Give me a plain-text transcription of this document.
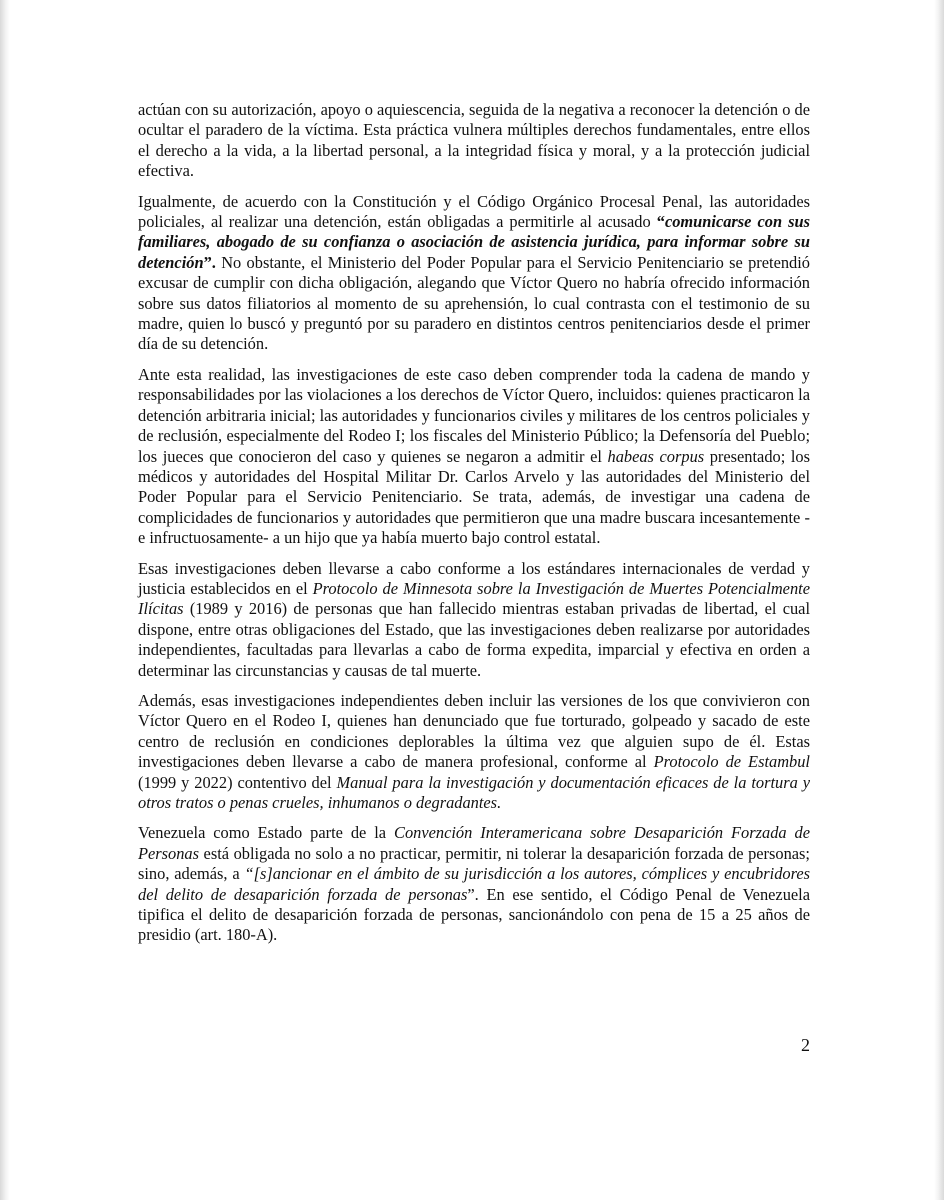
actúan con su autorización, apoyo o aquiescencia, seguida de la negativa a reconocer la detención o de ocultar el paradero de la víctima. Esta práctica vulnera múltiples derechos fundamentales, entre ellos el derecho a la vida, a la libertad personal, a la integridad física y moral, y a la protección judicial efectiva.

Igualmente, de acuerdo con la Constitución y el Código Orgánico Procesal Penal, las autoridades policiales, al realizar una detención, están obligadas a permitirle al acusado “comunicarse con sus familiares, abogado de su confianza o asociación de asistencia jurídica, para informar sobre su detención”. No obstante, el Ministerio del Poder Popular para el Servicio Penitenciario se pretendió excusar de cumplir con dicha obligación, alegando que Víctor Quero no habría ofrecido información sobre sus datos filiatorios al momento de su aprehensión, lo cual contrasta con el testimonio de su madre, quien lo buscó y preguntó por su paradero en distintos centros penitenciarios desde el primer día de su detención.

Ante esta realidad, las investigaciones de este caso deben comprender toda la cadena de mando y responsabilidades por las violaciones a los derechos de Víctor Quero, incluidos: quienes practicaron la detención arbitraria inicial; las autoridades y funcionarios civiles y militares de los centros policiales y de reclusión, especialmente del Rodeo I; los fiscales del Ministerio Público; la Defensoría del Pueblo; los jueces que conocieron del caso y quienes se negaron a admitir el habeas corpus presentado; los médicos y autoridades del Hospital Militar Dr. Carlos Arvelo y las autoridades del Ministerio del Poder Popular para el Servicio Penitenciario. Se trata, además, de investigar una cadena de complicidades de funcionarios y autoridades que permitieron que una madre buscara incesantemente -e infructuosamente- a un hijo que ya había muerto bajo control estatal.

Esas investigaciones deben llevarse a cabo conforme a los estándares internacionales de verdad y justicia establecidos en el Protocolo de Minnesota sobre la Investigación de Muertes Potencialmente Ilícitas (1989 y 2016) de personas que han fallecido mientras estaban privadas de libertad, el cual dispone, entre otras obligaciones del Estado, que las investigaciones deben realizarse por autoridades independientes, facultadas para llevarlas a cabo de forma expedita, imparcial y efectiva en orden a determinar las circunstancias y causas de tal muerte.

Además, esas investigaciones independientes deben incluir las versiones de los que convivieron con Víctor Quero en el Rodeo I, quienes han denunciado que fue torturado, golpeado y sacado de este centro de reclusión en condiciones deplorables la última vez que alguien supo de él. Estas investigaciones deben llevarse a cabo de manera profesional, conforme al Protocolo de Estambul (1999 y 2022) contentivo del Manual para la investigación y documentación eficaces de la tortura y otros tratos o penas crueles, inhumanos o degradantes.

Venezuela como Estado parte de la Convención Interamericana sobre Desaparición Forzada de Personas está obligada no solo a no practicar, permitir, ni tolerar la desaparición forzada de personas; sino, además, a “[s]ancionar en el ámbito de su jurisdicción a los autores, cómplices y encubridores del delito de desaparición forzada de personas”. En ese sentido, el Código Penal de Venezuela tipifica el delito de desaparición forzada de personas, sancionándolo con pena de 15 a 25 años de presidio (art. 180-A).

2
